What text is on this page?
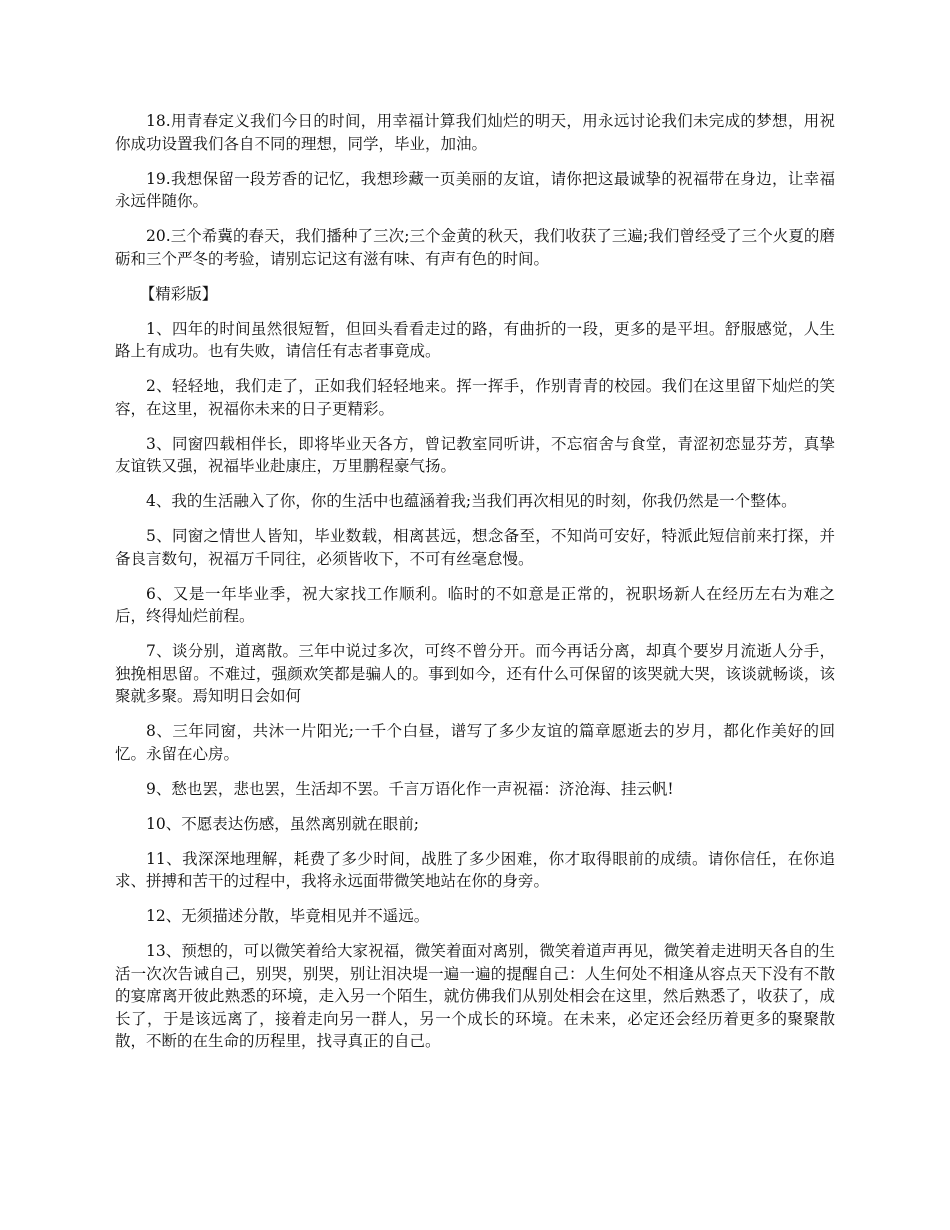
18.用青春定义我们今日的时间，用幸福计算我们灿烂的明天，用永远讨论我们未完成的梦想，用祝你成功设置我们各自不同的理想，同学，毕业，加油。

19.我想保留一段芳香的记忆，我想珍藏一页美丽的友谊，请你把这最诚挚的祝福带在身边，让幸福永远伴随你。

20.三个希冀的春天，我们播种了三次;三个金黄的秋天，我们收获了三遍;我们曾经受了三个火夏的磨砺和三个严冬的考验，请别忘记这有滋有味、有声有色的时间。

【精彩版】

1、四年的时间虽然很短暂，但回头看看走过的路，有曲折的一段，更多的是平坦。舒服感觉，人生路上有成功。也有失败，请信任有志者事竟成。

2、轻轻地，我们走了，正如我们轻轻地来。挥一挥手，作别青青的校园。我们在这里留下灿烂的笑容，在这里，祝福你未来的日子更精彩。

3、同窗四载相伴长，即将毕业天各方，曾记教室同听讲，不忘宿舍与食堂，青涩初恋显芬芳，真挚友谊铁又强，祝福毕业赴康庄，万里鹏程豪气扬。

4、我的生活融入了你，你的生活中也蕴涵着我;当我们再次相见的时刻，你我仍然是一个整体。

5、同窗之情世人皆知，毕业数载，相离甚远，想念备至，不知尚可安好，特派此短信前来打探，并备良言数句，祝福万千同往，必须皆收下，不可有丝毫怠慢。

6、又是一年毕业季，祝大家找工作顺利。临时的不如意是正常的，祝职场新人在经历左右为难之后，终得灿烂前程。

7、谈分别，道离散。三年中说过多次，可终不曾分开。而今再话分离，却真个要岁月流逝人分手，独挽相思留。不难过，强颜欢笑都是骗人的。事到如今，还有什么可保留的该哭就大哭，该谈就畅谈，该聚就多聚。焉知明日会如何

8、三年同窗，共沐一片阳光;一千个白昼，谱写了多少友谊的篇章愿逝去的岁月，都化作美好的回忆。永留在心房。

9、愁也罢，悲也罢，生活却不罢。千言万语化作一声祝福：济沧海、挂云帆!

10、不愿表达伤感，虽然离别就在眼前;

11、我深深地理解，耗费了多少时间，战胜了多少困难，你才取得眼前的成绩。请你信任，在你追求、拼搏和苦干的过程中，我将永远面带微笑地站在你的身旁。

12、无须描述分散，毕竟相见并不遥远。

13、预想的，可以微笑着给大家祝福，微笑着面对离别，微笑着道声再见，微笑着走进明天各自的生活一次次告诫自己，别哭，别哭，别让泪决堤一遍一遍的提醒自己：人生何处不相逢从容点天下没有不散的宴席离开彼此熟悉的环境，走入另一个陌生，就仿佛我们从别处相会在这里，然后熟悉了，收获了，成长了，于是该远离了，接着走向另一群人，另一个成长的环境。在未来，必定还会经历着更多的聚聚散散，不断的在生命的历程里，找寻真正的自己。
